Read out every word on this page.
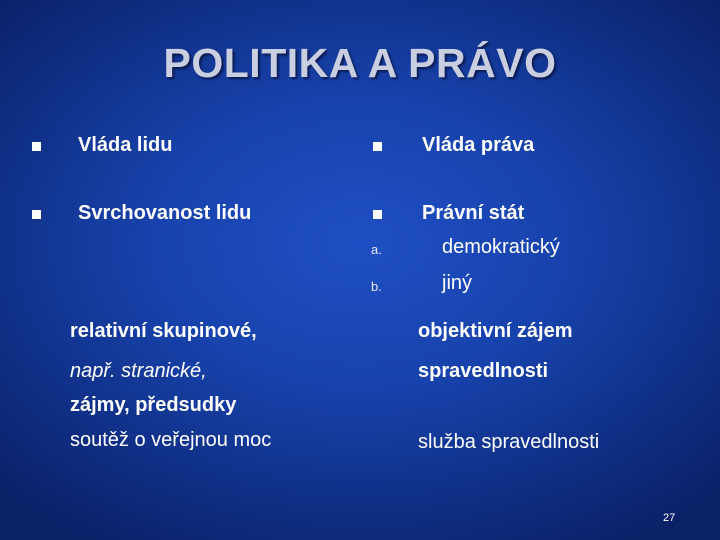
POLITIKA A PRÁVO
Vláda lidu
Svrchovanost lidu
Vláda práva
Právní stát
a.	demokratický
b.	jiný
relativní skupinové,
např. stranické,
zájmy, předsudky
soutěž o veřejnou moc
objektivní zájem
spravedlnosti
služba spravedlnosti
27
